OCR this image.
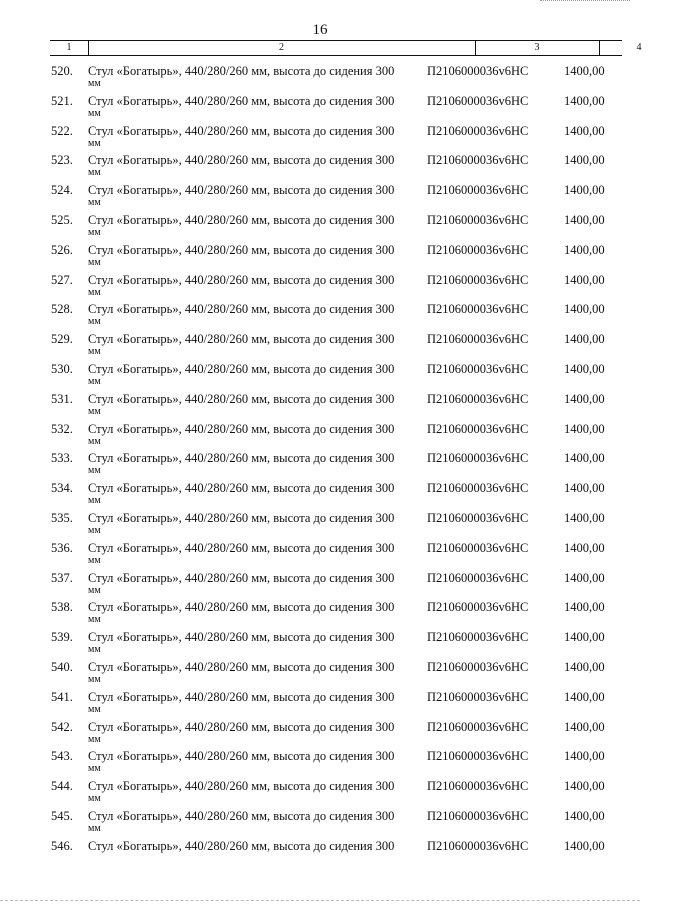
16
1	2	3	4
520.	Стул «Богатырь», 440/280/260 мм, высота до сидения 300
мм
П2106000036v6НС	1400,00
521.	Стул «Богатырь», 440/280/260 мм, высота до сидения 300
мм
П2106000036v6НС	1400,00
522.	Стул «Богатырь», 440/280/260 мм, высота до сидения 300
мм
П2106000036v6НС	1400,00
523.	Стул «Богатырь», 440/280/260 мм, высота до сидения 300
мм
П2106000036v6НС	1400,00
524.	Стул «Богатырь», 440/280/260 мм, высота до сидения 300
мм
П2106000036v6НС	1400,00
525.	Стул «Богатырь», 440/280/260 мм, высота до сидения 300
мм
П2106000036v6НС	1400,00
526.	Стул «Богатырь», 440/280/260 мм, высота до сидения 300
мм
П2106000036v6НС	1400,00
527.	Стул «Богатырь», 440/280/260 мм, высота до сидения 300
мм
П2106000036v6НС	1400,00
528.	Стул «Богатырь», 440/280/260 мм, высота до сидения 300
мм
П2106000036v6НС	1400,00
529.	Стул «Богатырь», 440/280/260 мм, высота до сидения 300
мм
П2106000036v6НС	1400,00
530.	Стул «Богатырь», 440/280/260 мм, высота до сидения 300
мм
П2106000036v6НС	1400,00
531.	Стул «Богатырь», 440/280/260 мм, высота до сидения 300
мм
П2106000036v6НС	1400,00
532.	Стул «Богатырь», 440/280/260 мм, высота до сидения 300
мм
П2106000036v6НС	1400,00
533.	Стул «Богатырь», 440/280/260 мм, высота до сидения 300
мм
П2106000036v6НС	1400,00
534.	Стул «Богатырь», 440/280/260 мм, высота до сидения 300
мм
П2106000036v6НС	1400,00
535.	Стул «Богатырь», 440/280/260 мм, высота до сидения 300
мм
П2106000036v6НС	1400,00
536.	Стул «Богатырь», 440/280/260 мм, высота до сидения 300
мм
П2106000036v6НС	1400,00
537.	Стул «Богатырь», 440/280/260 мм, высота до сидения 300
мм
П2106000036v6НС	1400,00
538.	Стул «Богатырь», 440/280/260 мм, высота до сидения 300
мм
П2106000036v6НС	1400,00
539.	Стул «Богатырь», 440/280/260 мм, высота до сидения 300
мм
П2106000036v6НС	1400,00
540.	Стул «Богатырь», 440/280/260 мм, высота до сидения 300
мм
П2106000036v6НС	1400,00
541.	Стул «Богатырь», 440/280/260 мм, высота до сидения 300
мм
П2106000036v6НС	1400,00
542.	Стул «Богатырь», 440/280/260 мм, высота до сидения 300
мм
П2106000036v6НС	1400,00
543.	Стул «Богатырь», 440/280/260 мм, высота до сидения 300
мм
П2106000036v6НС	1400,00
544.	Стул «Богатырь», 440/280/260 мм, высота до сидения 300
мм
П2106000036v6НС	1400,00
545.	Стул «Богатырь», 440/280/260 мм, высота до сидения 300
мм
П2106000036v6НС	1400,00
546.	Стул «Богатырь», 440/280/260 мм, высота до сидения 300	П2106000036v6НС	1400,00
